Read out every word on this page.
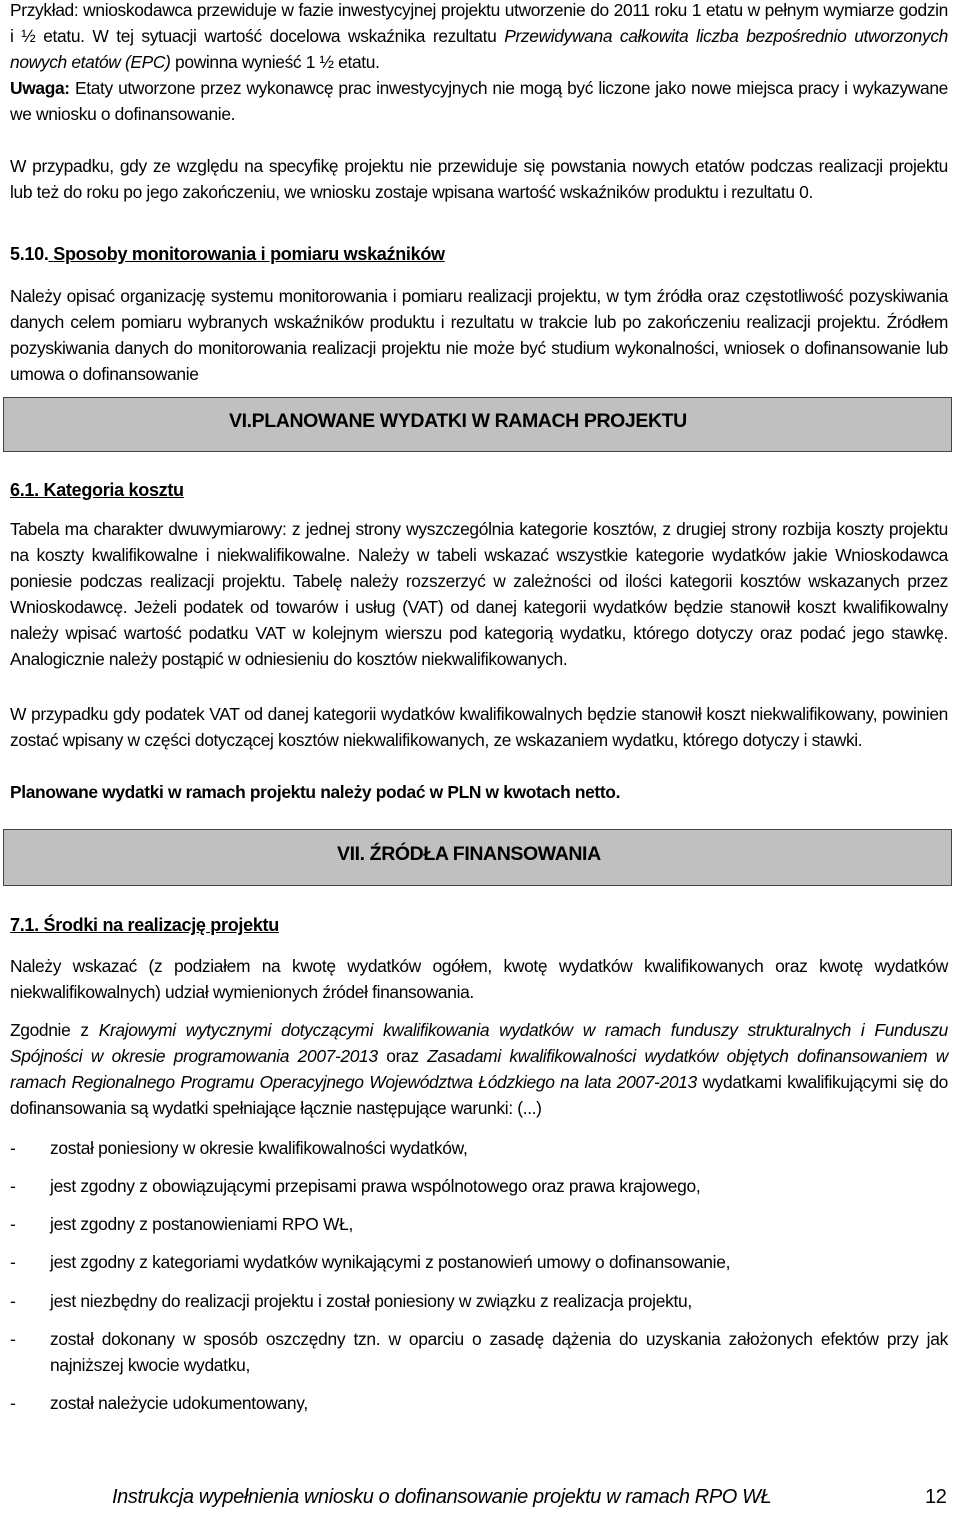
Przykład: wnioskodawca przewiduje w fazie inwestycyjnej projektu utworzenie do 2011 roku 1 etatu w pełnym wymiarze godzin i ½ etatu. W tej sytuacji wartość docelowa wskaźnika rezultatu Przewidywana całkowita liczba bezpośrednio utworzonych nowych etatów (EPC) powinna wynieść 1 ½ etatu.
Uwaga: Etaty utworzone przez wykonawcę prac inwestycyjnych nie mogą być liczone jako nowe miejsca pracy i wykazywane we wniosku o dofinansowanie.
W przypadku, gdy ze względu na specyfikę projektu nie przewiduje się powstania nowych etatów podczas realizacji projektu lub też do roku po jego zakończeniu, we wniosku zostaje wpisana wartość wskaźników produktu i rezultatu 0.
5.10. Sposoby monitorowania i pomiaru wskaźników
Należy opisać organizację systemu monitorowania i pomiaru realizacji projektu, w tym źródła oraz częstotliwość pozyskiwania danych celem pomiaru wybranych wskaźników produktu i rezultatu w trakcie lub po zakończeniu realizacji projektu. Źródłem pozyskiwania danych do monitorowania realizacji projektu nie może być studium wykonalności, wniosek o dofinansowanie lub umowa o dofinansowanie
VI.PLANOWANE WYDATKI W RAMACH PROJEKTU
6.1. Kategoria kosztu
Tabela ma charakter dwuwymiarowy: z jednej strony wyszczególnia kategorie kosztów, z drugiej strony rozbija koszty projektu na koszty kwalifikowalne i niekwalifikowalne. Należy w tabeli wskazać wszystkie kategorie wydatków jakie Wnioskodawca poniesie podczas realizacji projektu. Tabelę należy rozszerzyć w zależności od ilości kategorii kosztów wskazanych przez Wnioskodawcę. Jeżeli podatek od towarów i usług (VAT) od danej kategorii wydatków będzie stanowił koszt kwalifikowalny należy wpisać wartość podatku VAT w kolejnym wierszu pod kategorią wydatku, którego dotyczy oraz podać jego stawkę. Analogicznie należy postąpić w odniesieniu do kosztów niekwalifikowanych.
W przypadku gdy podatek VAT od danej kategorii wydatków kwalifikowalnych będzie stanowił koszt niekwalifikowany, powinien zostać wpisany w części dotyczącej kosztów niekwalifikowanych, ze wskazaniem wydatku, którego dotyczy i stawki.
Planowane wydatki w ramach projektu należy podać w PLN w kwotach netto.
VII. ŹRÓDŁA FINANSOWANIA
7.1. Środki na realizację projektu
Należy wskazać (z podziałem na kwotę wydatków ogółem, kwotę wydatków kwalifikowanych oraz kwotę wydatków niekwalifikowalnych) udział wymienionych źródeł finansowania.
Zgodnie z Krajowymi wytycznymi dotyczącymi kwalifikowania wydatków w ramach funduszy strukturalnych i Funduszu Spójności w okresie programowania 2007-2013 oraz Zasadami kwalifikowalności wydatków objętych dofinansowaniem w ramach Regionalnego Programu Operacyjnego Województwa Łódzkiego na lata 2007-2013 wydatkami kwalifikującymi się do dofinansowania są wydatki spełniające łącznie następujące warunki: (...)
- został poniesiony w okresie kwalifikowalności wydatków,
- jest zgodny z obowiązującymi przepisami prawa wspólnotowego oraz prawa krajowego,
- jest zgodny z postanowieniami RPO WŁ,
- jest zgodny z kategoriami wydatków wynikającymi z postanowień umowy o dofinansowanie,
- jest niezbędny do realizacji projektu i został poniesiony w związku z realizacja projektu,
- został dokonany w sposób oszczędny tzn. w oparciu o zasadę dążenia do uzyskania założonych efektów przy jak najniższej kwocie wydatku,
- został należycie udokumentowany,
Instrukcja wypełnienia wniosku o dofinansowanie projektu w ramach RPO WŁ	12
